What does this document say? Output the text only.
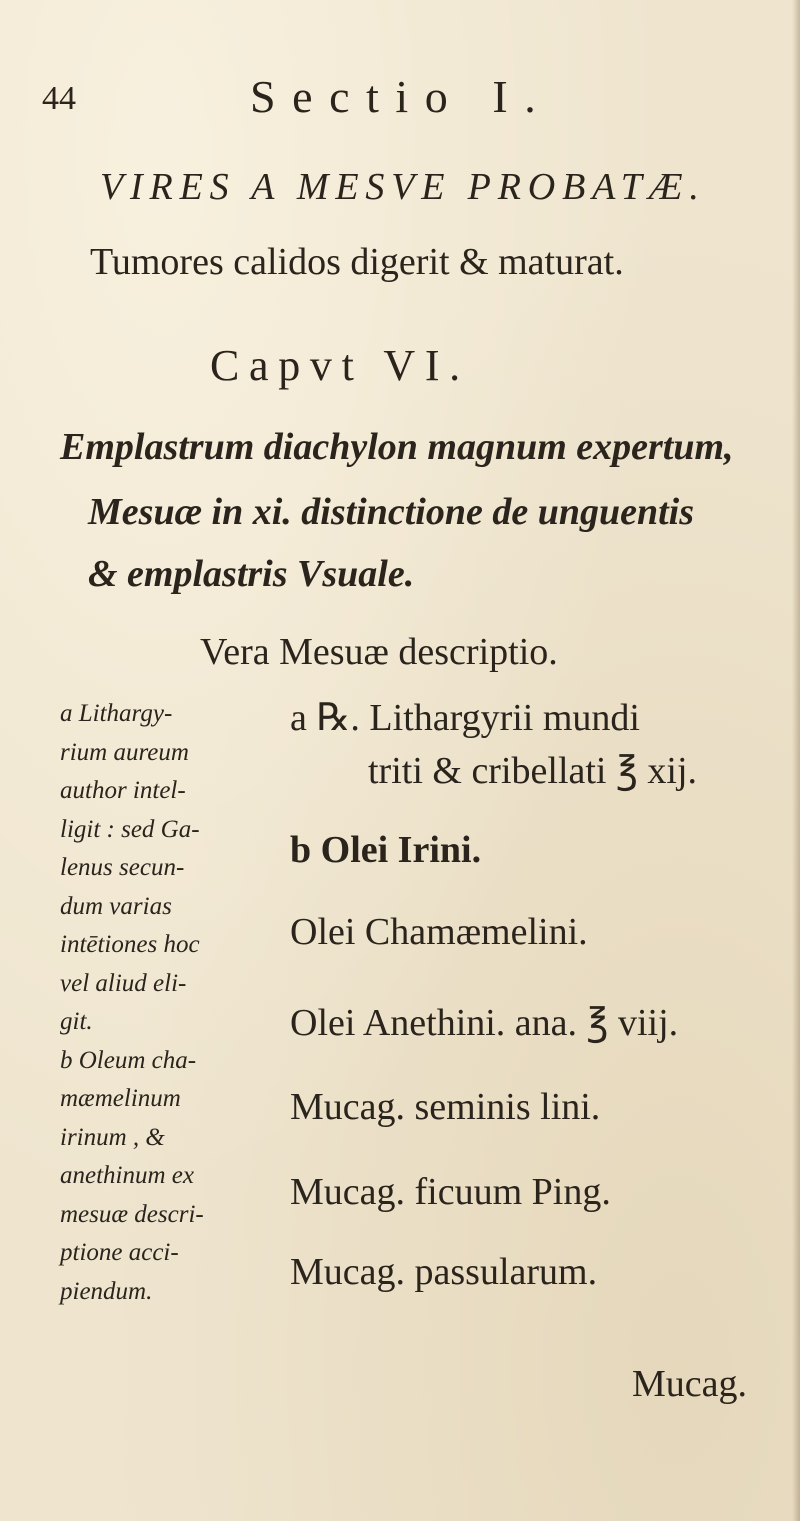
44	Sectio I.
VIRES A MESVE PROBATÆ.
Tumores calidos digerit & maturat.
Capvt VI.
Emplastrum diachylon magnum expertum,
Mesuæ in xi. distinctione de unguentis
& emplastris Vsuale.
Vera Mesuæ descriptio.
a Lithargy-
rium aureum
author intel-
ligit : sed Ga-
lenus secun-
dum varias
intētiones hoc
vel aliud eli-
git.
b Oleum cha-
mæmelinum
irinum , &
anethinum ex
mesuæ descri-
ptione acci-
piendum.
a ℞. Lithargyrii mundi
triti & cribellati ℥ xij.
b Olei Irini.
Olei Chamæmelini.
Olei Anethini. ana. ℥ viij.
Mucag. seminis lini.
Mucag. ficuum Ping.
Mucag. passularum.
Mucag.
